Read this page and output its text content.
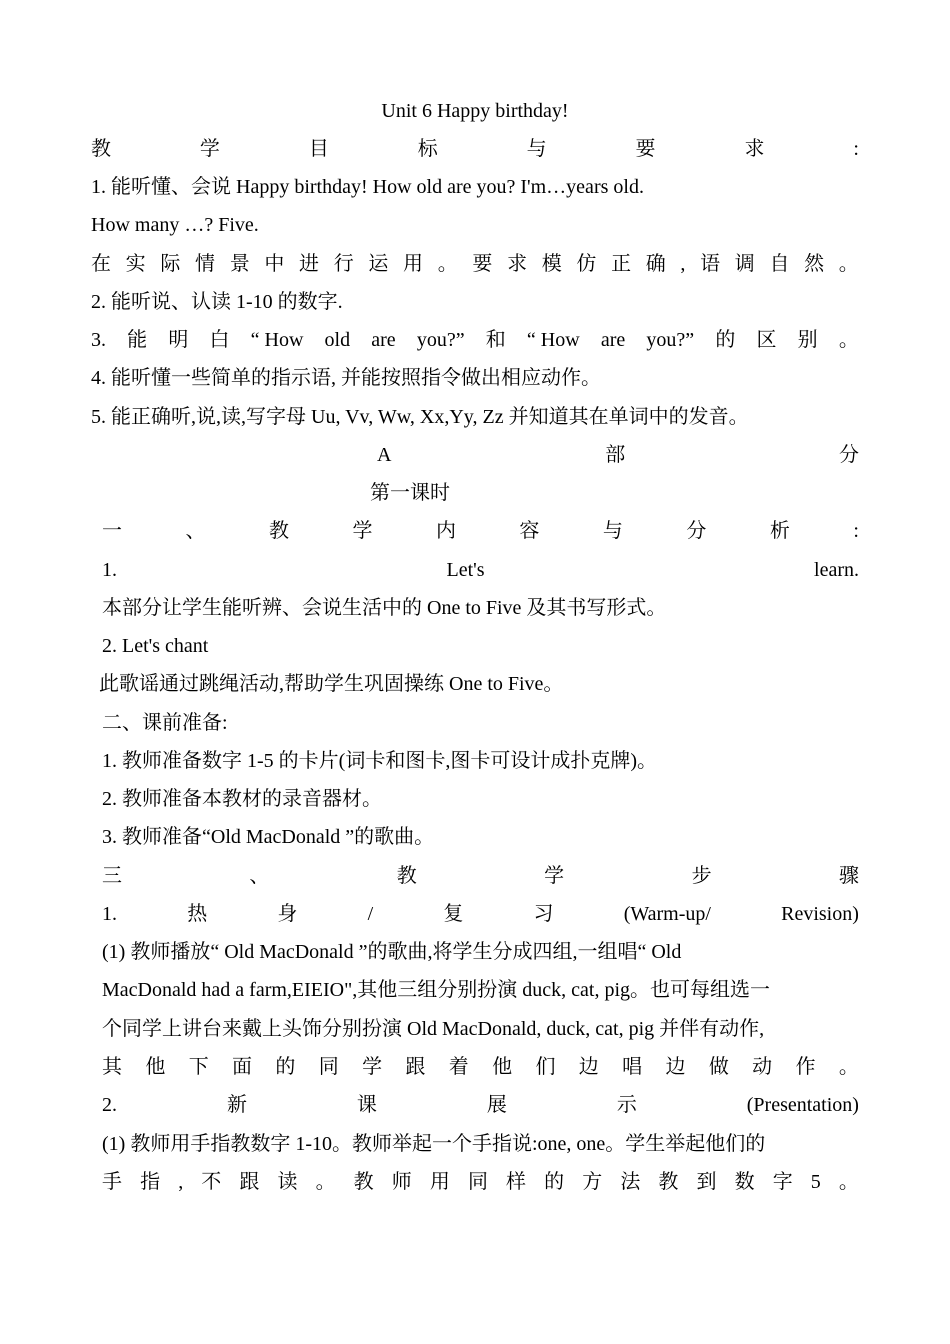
Unit 6 Happy birthday!
教	学	目	标	与	要	求	:
1. 能听懂、会说 Happy birthday! How old are you? I'm…years old.
How many …? Five.
在 实 际 情 景 中 进 行 运 用 。 要 求 模 仿 正 确 , 语 调 自 然 。
2. 能听说、认读 1-10 的数字.
3. 能 明 白 “ How old are you?” 和 “ How are you?” 的 区 别 。
4. 能听懂一些简单的指示语, 并能按照指令做出相应动作。
5. 能正确听,说,读,写字母 Uu, Vv, Ww, Xx,Yy, Zz 并知道其在单词中的发音。
A	部	分
第一课时
一	、	教	学	内	容	与	分	析	:
1.	Let's	learn.
本部分让学生能听辨、会说生活中的 One to Five 及其书写形式。
2. Let's chant
此歌谣通过跳绳活动,帮助学生巩固操练 One to Five。
二、课前准备:
1. 教师准备数字 1-5 的卡片(词卡和图卡,图卡可设计成扑克牌)。
2. 教师准备本教材的录音器材。
3. 教师准备“Old MacDonald ”的歌曲。
三	、	教	学	步	骤
1.	热	身	/	复	习	(Warm-up/	Revision)
(1) 教师播放“ Old MacDonald ”的歌曲,将学生分成四组,一组唱“ Old
MacDonald had a farm,EIEIO",其他三组分别扮演 duck, cat, pig。也可每组选一
个同学上讲台来戴上头饰分别扮演 Old MacDonald, duck, cat, pig 并伴有动作,
其 他 下 面 的 同 学 跟 着 他 们 边 唱 边 做 动 作 。
2.	新	课	展	示	(Presentation)
(1) 教师用手指教数字 1-10。教师举起一个手指说:one, one。学生举起他们的
手 指 , 不 跟 读 。 教 师 用 同 样 的 方 法 教 到 数 字 5 。
